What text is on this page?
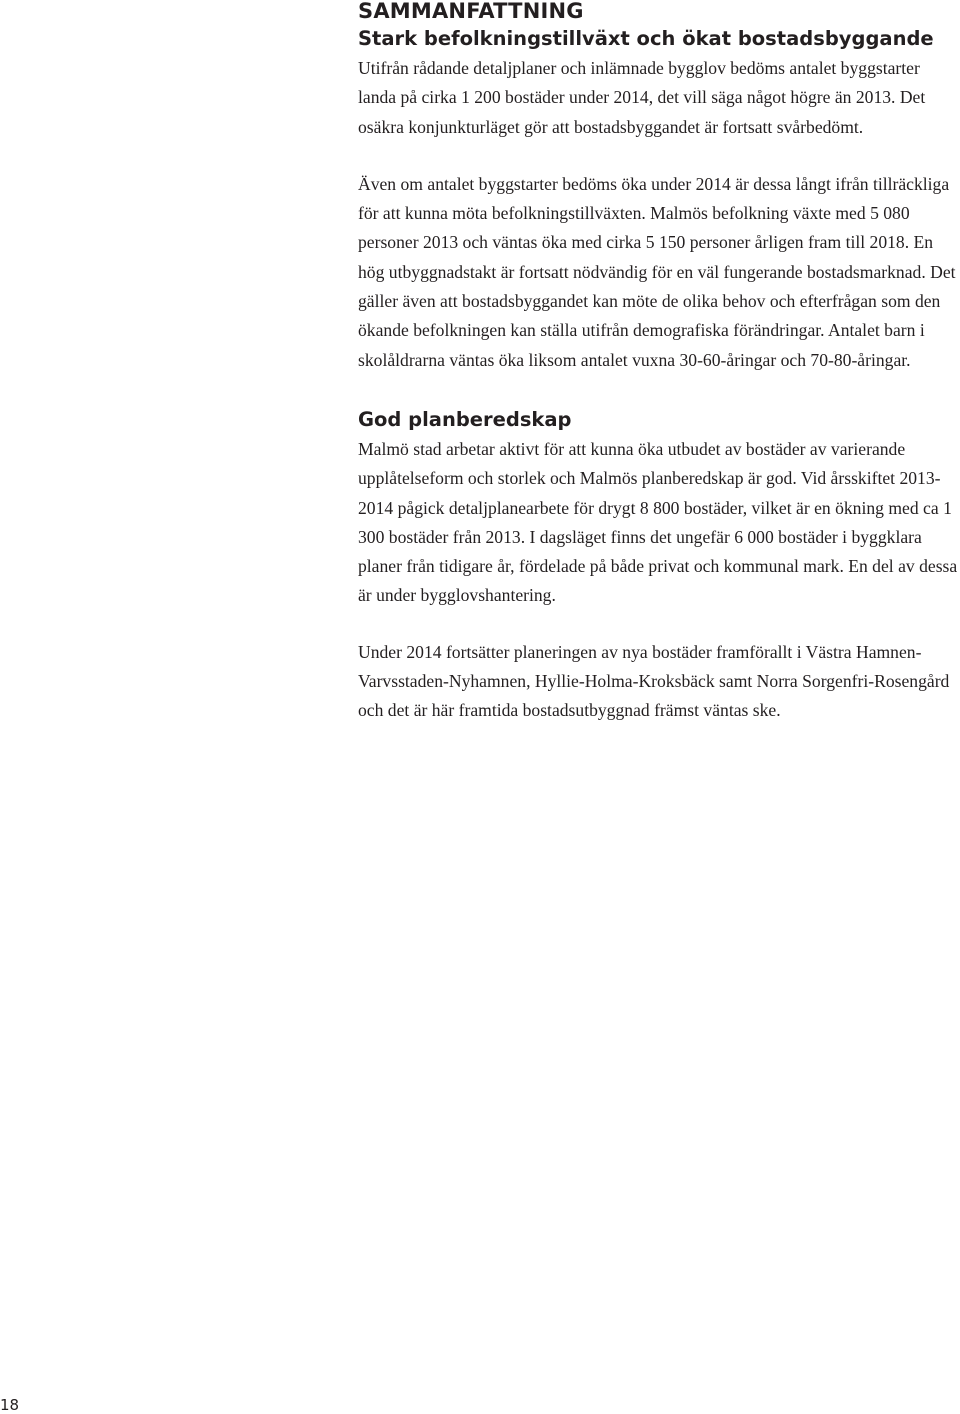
SAMMANFATTNING
Stark befolkningstillväxt och ökat bostadsbyggande

Utifrån rådande detaljplaner och inlämnade bygglov bedöms antalet byggstarter landa på cirka 1 200 bostäder under 2014, det vill säga något högre än 2013. Det osäkra konjunkturläget gör att bostadsbyggandet är fortsatt svårbedömt.

Även om antalet byggstarter bedöms öka under 2014 är dessa långt ifrån tillräckliga för att kunna möta befolkningstillväxten. Malmös befolkning växte med 5 080 personer 2013 och väntas öka med cirka 5 150 personer årligen fram till 2018. En hög utbyggnadstakt är fortsatt nödvändig för en väl fungerande bostadsmarknad. Det gäller även att bostadsbyggandet kan möte de olika behov och efterfrågan som den ökande befolkningen kan ställa utifrån demografiska förändringar. Antalet barn i skolåldrarna väntas öka liksom antalet vuxna 30-60-åringar och 70-80-åringar.

God planberedskap

Malmö stad arbetar aktivt för att kunna öka utbudet av bostäder av varierande upplåtelseform och storlek och Malmös planberedskap är god. Vid årsskiftet 2013-2014 pågick detaljplanearbete för drygt 8 800 bostäder, vilket är en ökning med ca 1 300 bostäder från 2013. I dagsläget finns det ungefär 6 000 bostäder i byggklara planer från tidigare år, fördelade på både privat och kommunal mark. En del av dessa är under bygglovshantering.

Under 2014 fortsätter planeringen av nya bostäder framförallt i Västra Hamnen-Varvsstaden-Nyhamnen, Hyllie-Holma-Kroksbäck samt Norra Sorgenfri-Rosengård och det är här framtida bostadsutbyggnad främst väntas ske.

18
